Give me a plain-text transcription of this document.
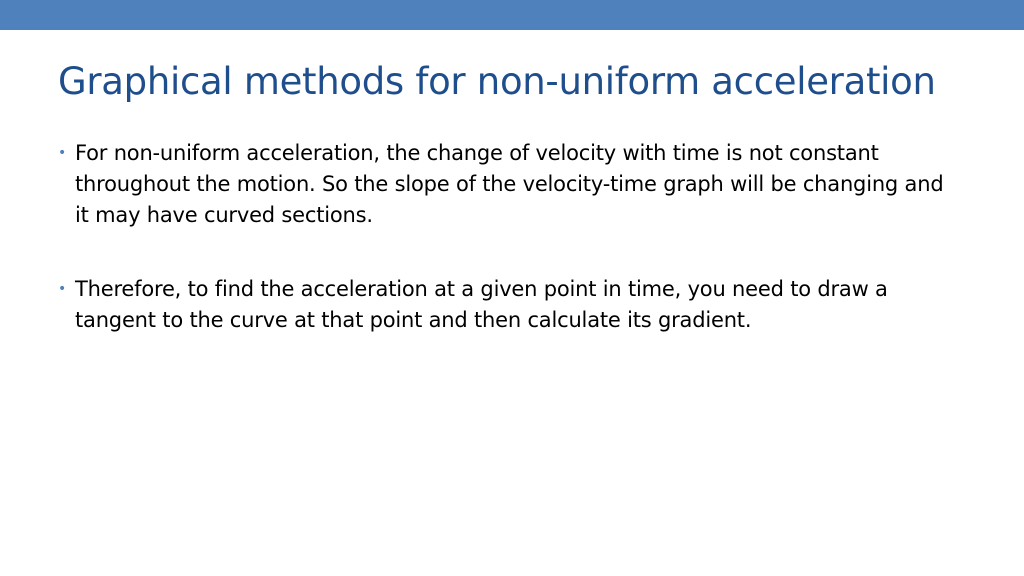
Graphical methods for non-uniform acceleration
• For non-uniform acceleration, the change of velocity with time is not constant throughout the motion. So the slope of the velocity-time graph will be changing and it may have curved sections.
• Therefore, to find the acceleration at a given point in time, you need to draw a tangent to the curve at that point and then calculate its gradient.
